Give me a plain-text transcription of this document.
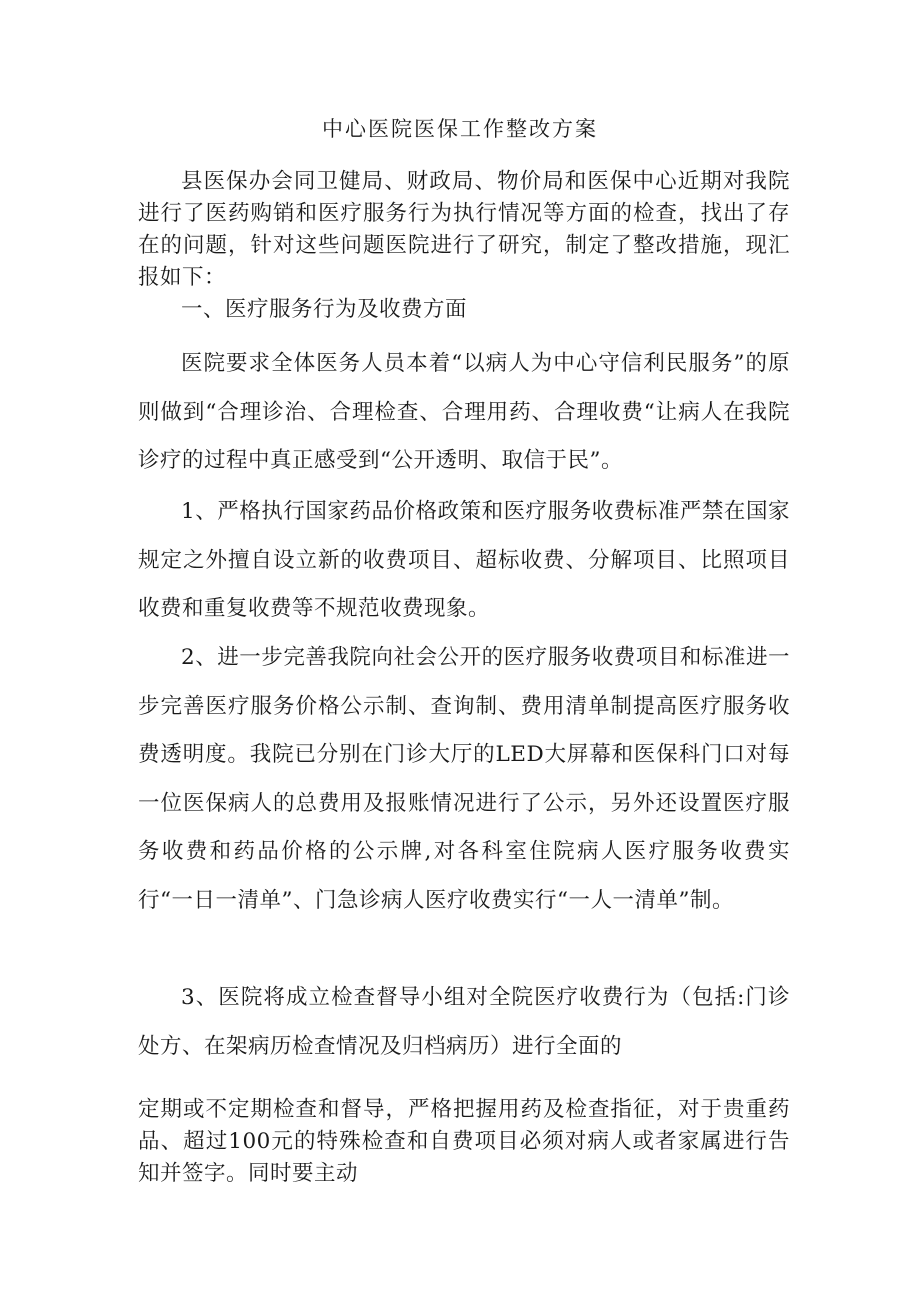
中心医院医保工作整改方案

县医保办会同卫健局、财政局、物价局和医保中心近期对我院进行了医药购销和医疗服务行为执行情况等方面的检查，找出了存在的问题，针对这些问题医院进行了研究，制定了整改措施，现汇报如下：

一、医疗服务行为及收费方面

医院要求全体医务人员本着“以病人为中心守信利民服务”的原则做到“合理诊治、合理检查、合理用药、合理收费“让病人在我院诊疗的过程中真正感受到“公开透明、取信于民”。

1、严格执行国家药品价格政策和医疗服务收费标准严禁在国家规定之外擅自设立新的收费项目、超标收费、分解项目、比照项目收费和重复收费等不规范收费现象。

2、进一步完善我院向社会公开的医疗服务收费项目和标准进一步完善医疗服务价格公示制、查询制、费用清单制提高医疗服务收费透明度。我院已分别在门诊大厅的LED大屏幕和医保科门口对每一位医保病人的总费用及报账情况进行了公示，另外还设置医疗服务收费和药品价格的公示牌,对各科室住院病人医疗服务收费实行“一日一清单”、门急诊病人医疗收费实行“一人一清单”制。

3、医院将成立检查督导小组对全院医疗收费行为（包括:门诊处方、在架病历检查情况及归档病历）进行全面的

定期或不定期检查和督导，严格把握用药及检查指征，对于贵重药品、超过100元的特殊检查和自费项目必须对病人或者家属进行告知并签字。同时要主动
